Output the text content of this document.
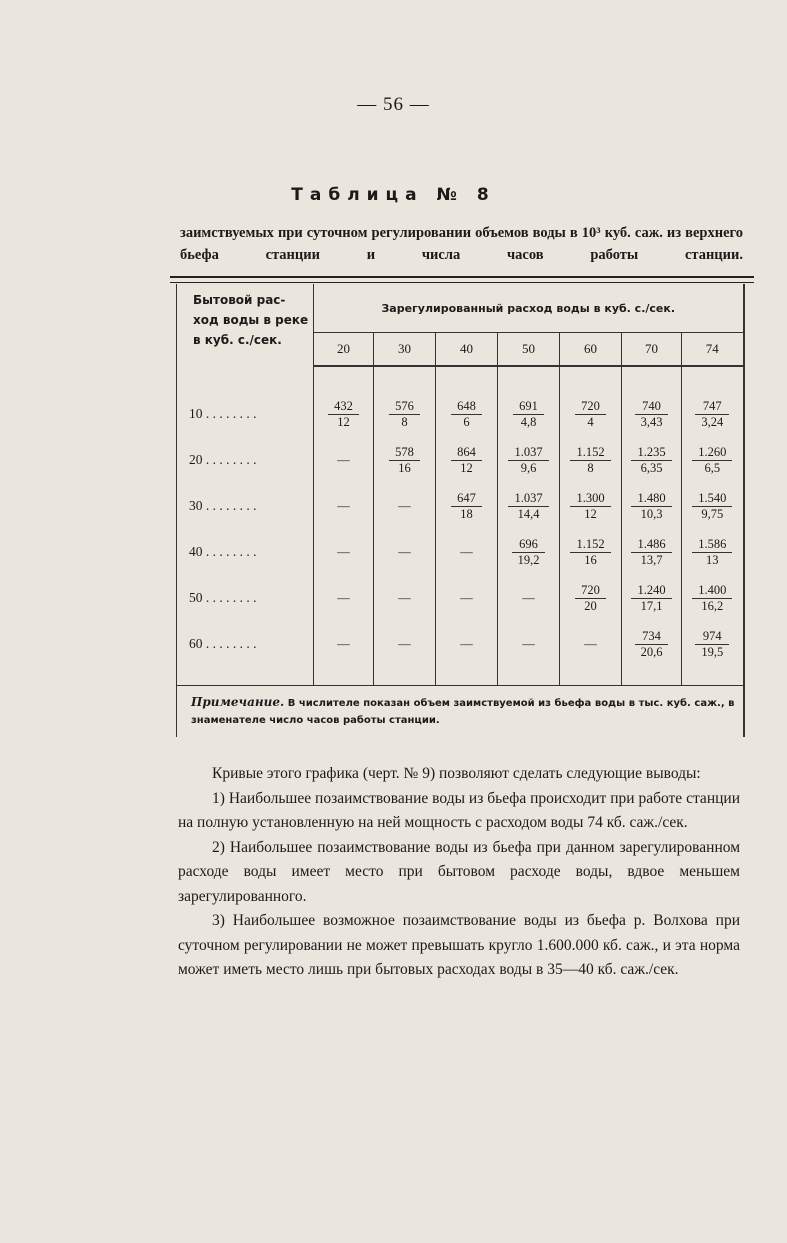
— 56 —
Таблица № 8
заимствуемых при суточном регулировании объемов воды в 10³ куб. саж. из верхнего бьефа станции и числа часов работы станции.
Бытовой рас-
ход воды в реке
в куб. с./сек.	Зарегулированный расход воды в куб. с./сек.						
	20	30	40	50	60	70	74
10 . . . . . . . .	$\frac{432}{12}$	$\frac{576}{8}$	$\frac{648}{6}$	$\frac{691}{4,8}$	$\frac{720}{4}$	$\frac{740}{3,43}$	$\frac{747}{3,24}$

20 . . . . . . . .	—	$\frac{578}{16}$	$\frac{864}{12}$	$\frac{1.037}{9,6}$	$\frac{1.152}{8}$	$\frac{1.235}{6,35}$	$\frac{1.260}{6,5}$

30 . . . . . . . .	—	—	$\frac{647}{18}$	$\frac{1.037}{14,4}$	$\frac{1.300}{12}$	$\frac{1.480}{10,3}$	$\frac{1.540}{9,75}$

40 . . . . . . . .	—	—	—	$\frac{696}{19,2}$	$\frac{1.152}{16}$	$\frac{1.486}{13,7}$	$\frac{1.586}{13}$

50 . . . . . . . .	—	—	—	—	$\frac{720}{20}$	$\frac{1.240}{17,1}$	$\frac{1.400}{16,2}$

60 . . . . . . . .	—	—	—	—	—	$\frac{734}{20,6}$	$\frac{974}{19,5}$

Примечание. В числителе показан объем заимствуемой из бьефа воды в тыс. куб. саж., в знаменателе число часов работы станции.							

Кривые этого графика (черт. № 9) позволяют сделать следующие выводы:

1) Наибольшее позаимствование воды из бьефа происходит при работе станции на полную установленную на ней мощность с расходом воды 74 кб. саж./сек.

2) Наибольшее позаимствование воды из бьефа при данном зарегулированном расходе воды имеет место при бытовом расходе воды, вдвое меньшем зарегулированного.

3) Наибольшее возможное позаимствование воды из бьефа р. Волхова при суточном регулировании не может превышать кругло 1.600.000 кб. саж., и эта норма может иметь место лишь при бытовых расходах воды в 35—40 кб. саж./сек.
